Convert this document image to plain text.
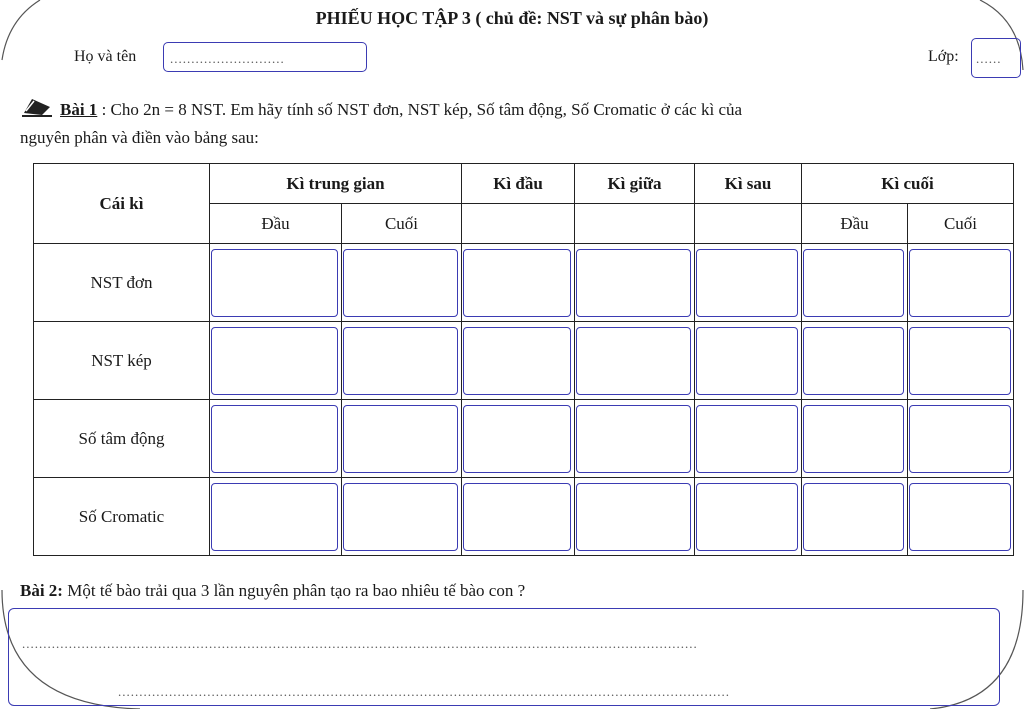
PHIẾU HỌC TẬP 3 ( chủ đề: NST và sự phân bào)
Họ và tên	...........................	Lớp:	......
Bài 1 : Cho 2n = 8 NST. Em hãy tính số NST đơn, NST kép, Số tâm động, Số Cromatic ở các kì của
nguyên phân và điền vào bảng sau:
Cái kì	Kì trung gian		Kì đầu	Kì giữa	Kì sau	Kì cuối	
	Đầu	Cuối				Đầu	Cuối
NST đơn							
NST kép							
Số tâm động							
Số Cromatic							
Bài 2: Một tế bào trải qua 3 lần nguyên phân tạo ra bao nhiêu tế bào con ?
...............................................................................................................................................................
................................................................................................................................................
